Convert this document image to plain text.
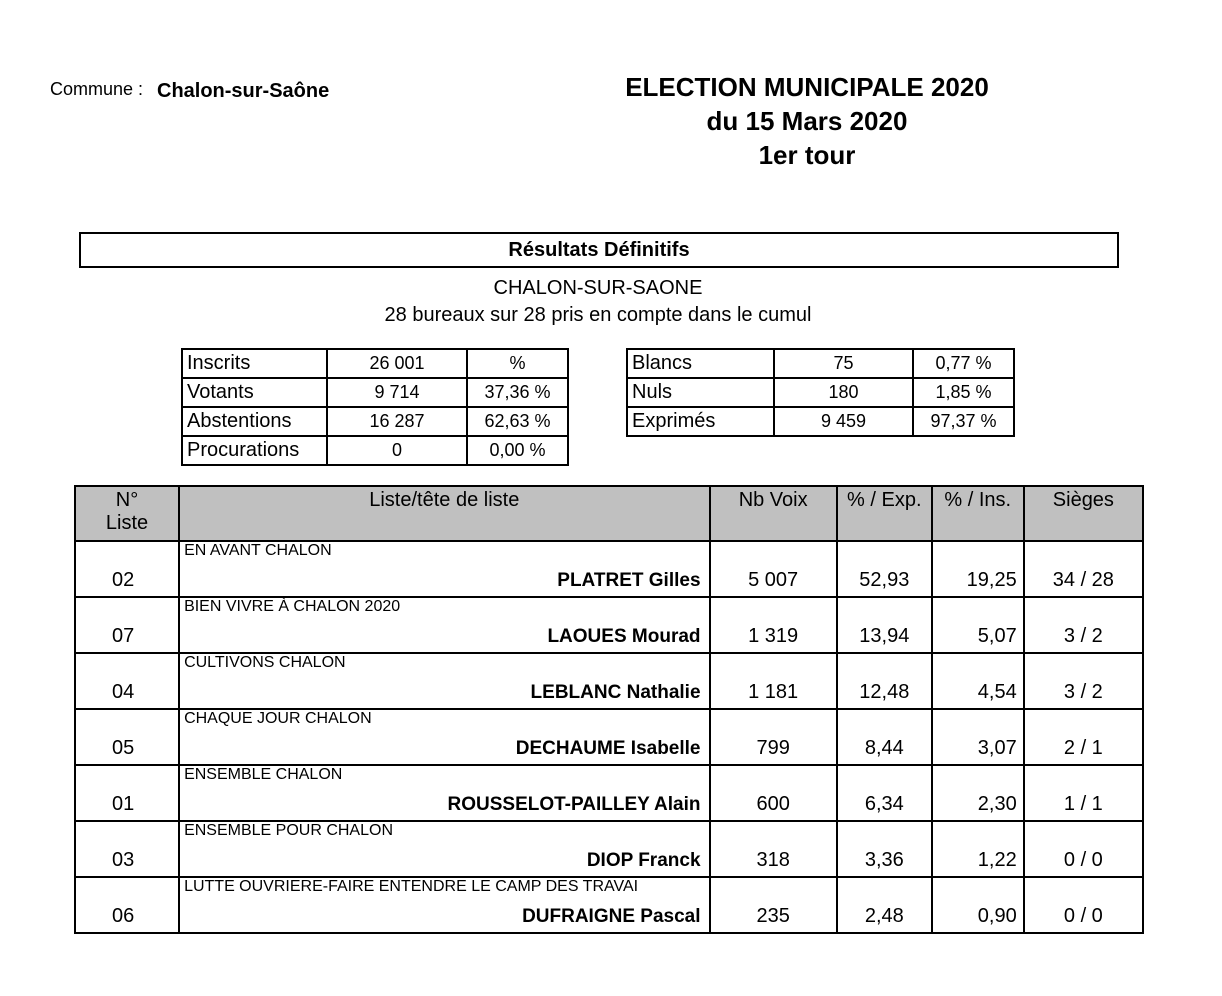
Commune : Chalon-sur-Saône	ELECTION MUNICIPALE 2020
du 15 Mars 2020
1er tour
Résultats Définitifs
CHALON-SUR-SAONE
28 bureaux sur 28 pris en compte dans le cumul
Inscrits	26 001	%
Votants	9 714	37,36 %
Abstentions	16 287	62,63 %
Procurations	0	0,00 %
Blancs	75	0,77 %
Nuls	180	1,85 %
Exprimés	9 459	97,37 %
N°
Liste	Liste/tête de liste	Nb Voix	% / Exp.	% / Ins.	Sièges
02	EN AVANT CHALON
PLATRET Gilles	5 007	52,93	19,25	34 / 28
07	BIEN VIVRE À CHALON 2020
LAOUES Mourad	1 319	13,94	5,07	3 / 2
04	CULTIVONS CHALON
LEBLANC Nathalie	1 181	12,48	4,54	3 / 2
05	CHAQUE JOUR CHALON
DECHAUME Isabelle	799	8,44	3,07	2 / 1
01	ENSEMBLE CHALON
ROUSSELOT-PAILLEY Alain	600	6,34	2,30	1 / 1
03	ENSEMBLE POUR CHALON
DIOP Franck	318	3,36	1,22	0 / 0
06	LUTTE OUVRIERE-FAIRE ENTENDRE LE CAMP DES TRAVAI
DUFRAIGNE Pascal	235	2,48	0,90	0 / 0
